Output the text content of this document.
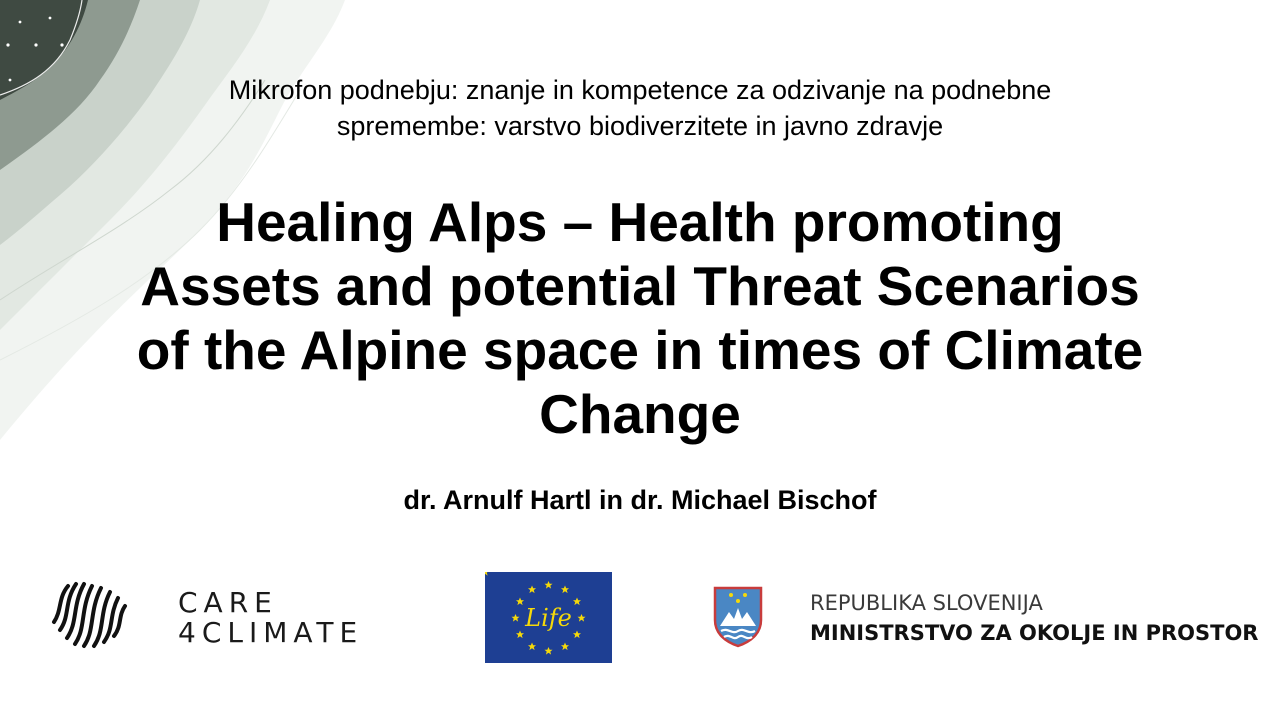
Mikrofon podnebju: znanje in kompetence za odzivanje na podnebne
spremembe: varstvo biodiverzitete in javno zdravje
Healing Alps – Health promoting
Assets and potential Threat Scenarios
of the Alpine space in times of Climate
Change
dr. Arnulf Hartl in dr. Michael Bischof
CARE
4CLIMATE	Life
REPUBLIKA SLOVENIJA
MINISTRSTVO ZA OKOLJE IN PROSTOR
